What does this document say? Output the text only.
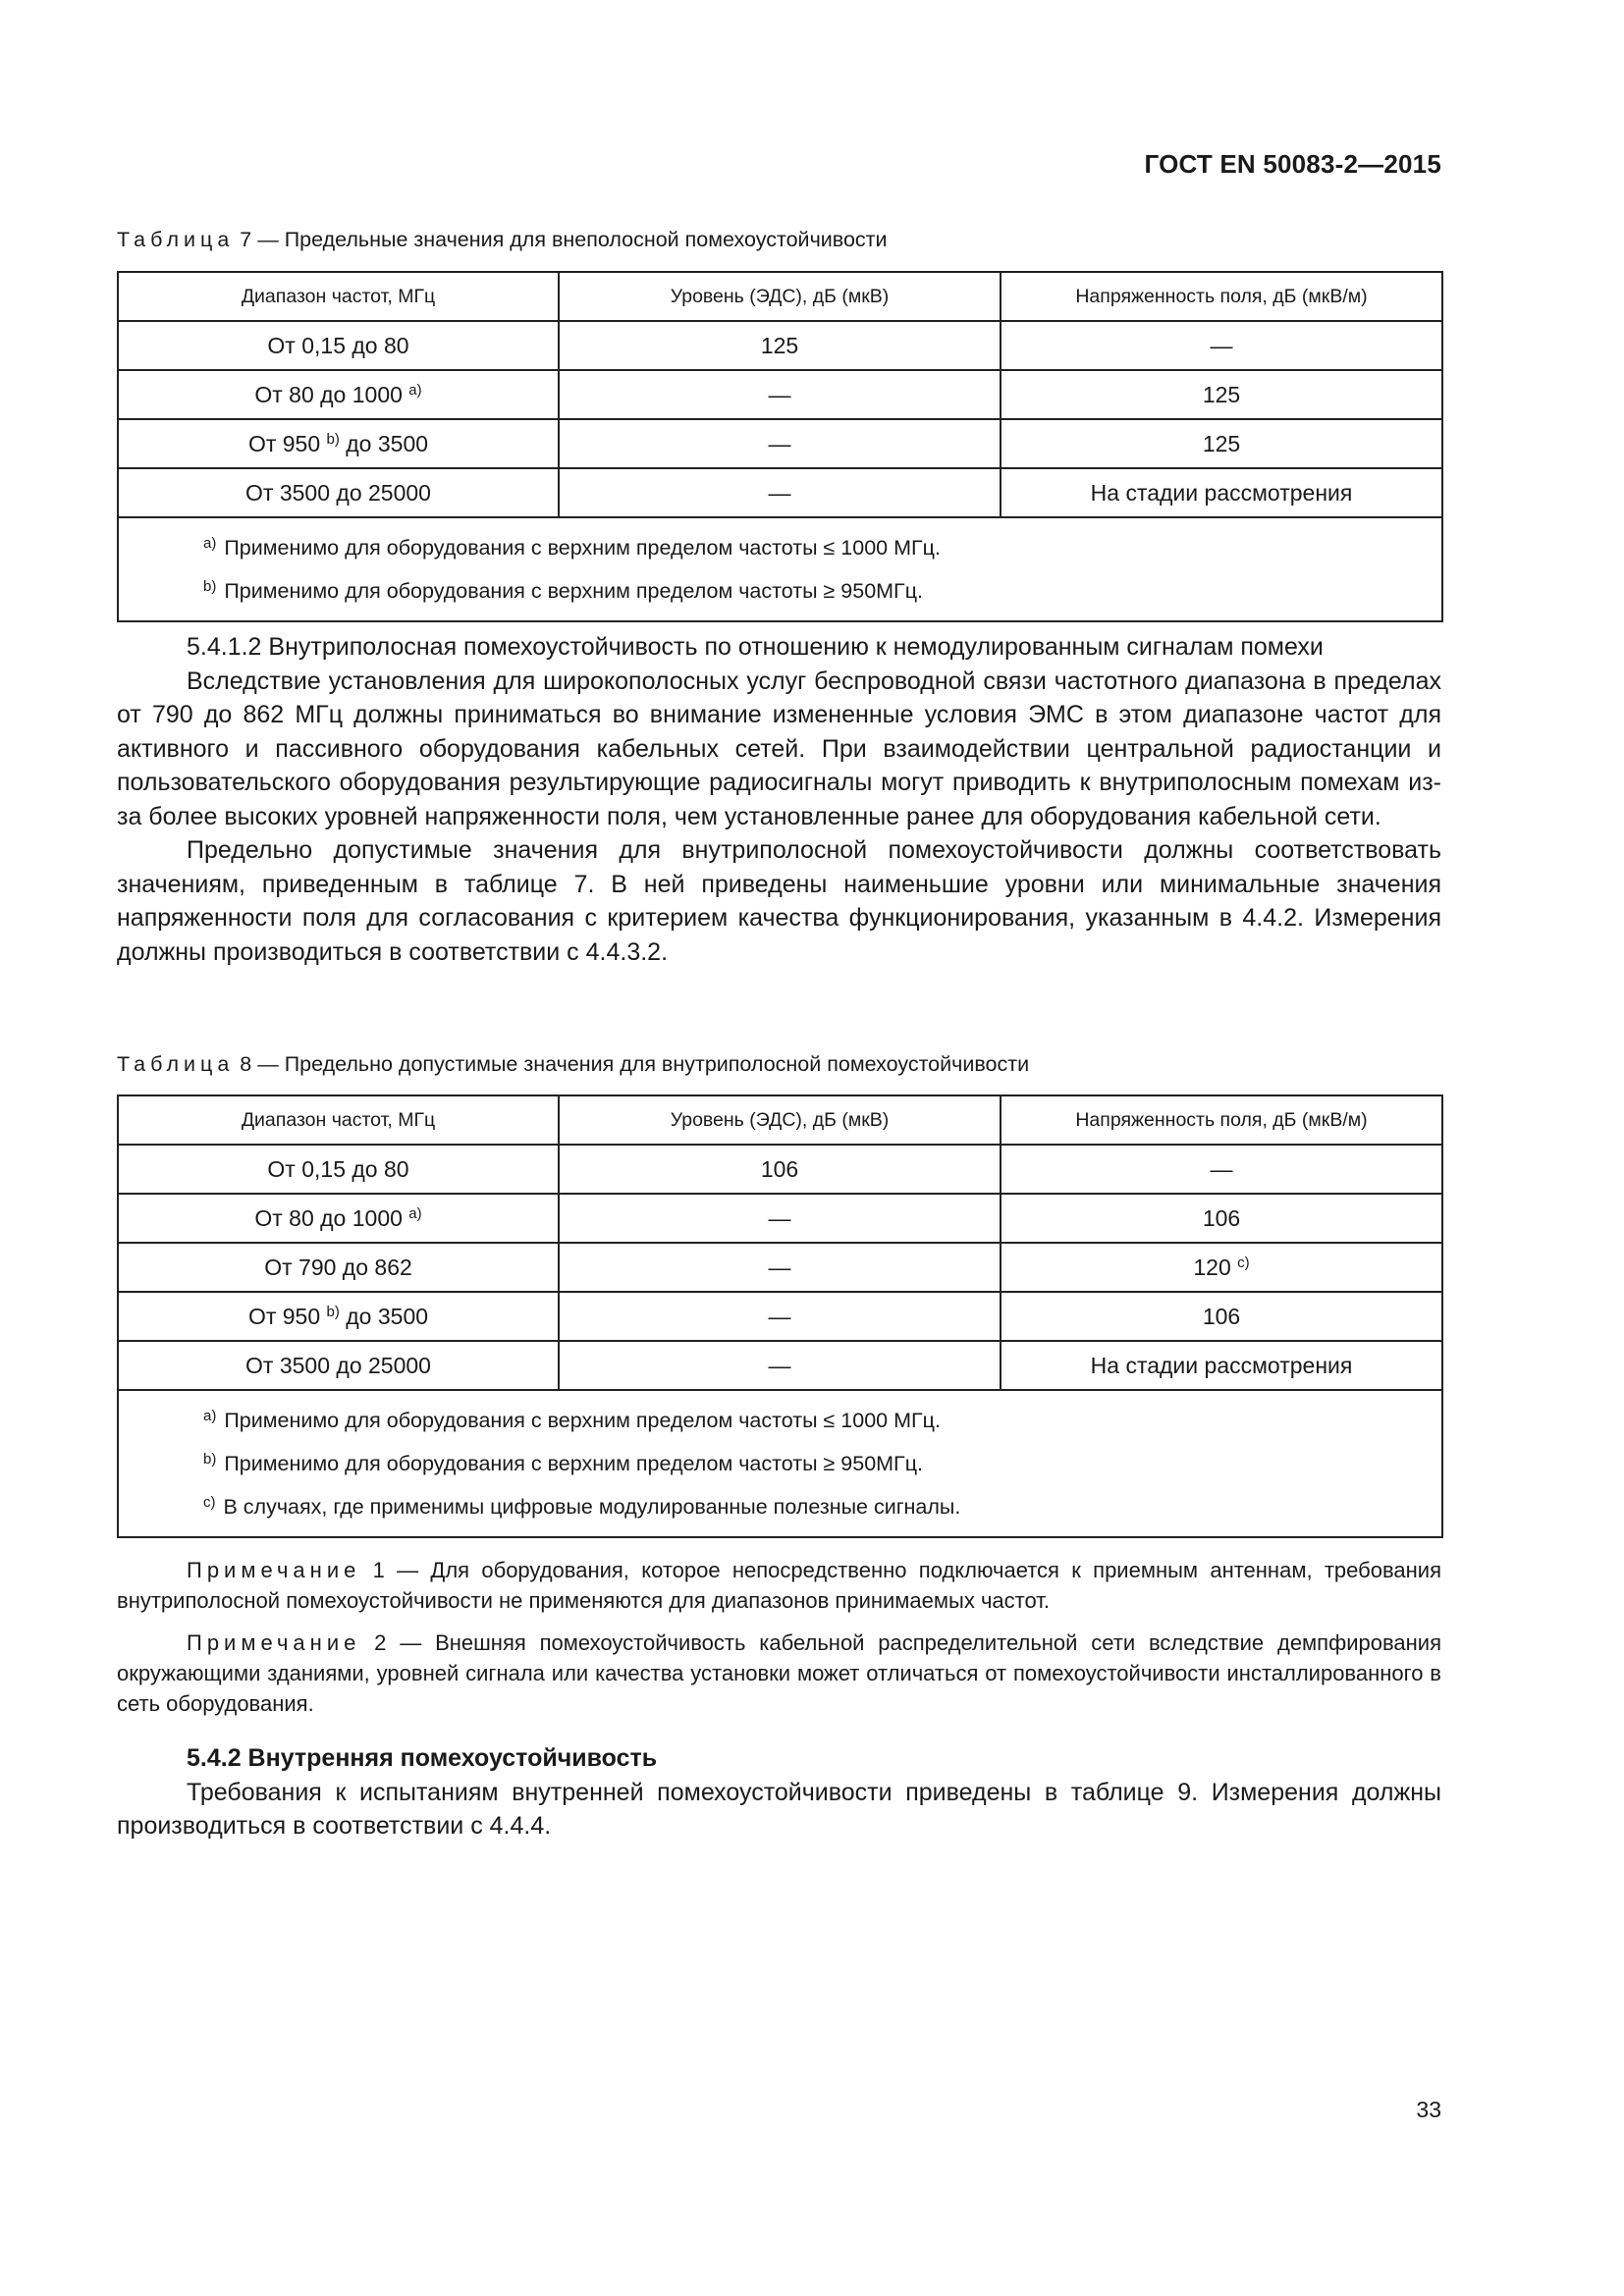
ГОСТ EN 50083-2—2015
Таблица 7 — Предельные значения для внеполосной помехоустойчивости
Диапазон частот, МГц	Уровень (ЭДС), дБ (мкВ)	Напряженность поля, дБ (мкВ/м)
От 0,15 до 80	125	—
От 80 до 1000 $^{a)}$	—	125
От 950 $^{b)}$ до 3500	—	125
От 3500 до 25000	—	На стадии рассмотрения

$^{a)}$ Применимо для оборудования с верхним пределом частоты ≤ 1000 МГц.
$^{b)}$ Применимо для оборудования с верхним пределом частоты ≥ 950МГц.		

5.4.1.2 Внутриполосная помехоустойчивость по отношению к немодулированным сигналам помехи

Вследствие установления для широкополосных услуг беспроводной связи частотного диапазона в пределах от 790 до 862 МГц должны приниматься во внимание измененные условия ЭМС в этом диапазоне частот для активного и пассивного оборудования кабельных сетей. При взаимодействии центральной радиостанции и пользовательского оборудования результирующие радиосигналы могут приводить к внутриполосным помехам из-за более высоких уровней напряженности поля, чем установленные ранее для оборудования кабельной сети.

Предельно допустимые значения для внутриполосной помехоустойчивости должны соответствовать значениям, приведенным в таблице 7. В ней приведены наименьшие уровни или минимальные значения напряженности поля для согласования с критерием качества функционирования, указанным в 4.4.2. Измерения должны производиться в соответствии с 4.4.3.2.

Таблица 8 — Предельно допустимые значения для внутриполосной помехоустойчивости
Диапазон частот, МГц	Уровень (ЭДС), дБ (мкВ)	Напряженность поля, дБ (мкВ/м)
От 0,15 до 80	106	—
От 80 до 1000 $^{a)}$	—	106
От 790 до 862	—	120 $^{c)}$
От 950 $^{b)}$ до 3500	—	106
От 3500 до 25000	—	На стадии рассмотрения

$^{a)}$ Применимо для оборудования с верхним пределом частоты ≤ 1000 МГц.
$^{b)}$ Применимо для оборудования с верхним пределом частоты ≥ 950МГц.
$^{c)}$ В случаях, где применимы цифровые модулированные полезные сигналы.		

Примечание 1 — Для оборудования, которое непосредственно подключается к приемным антеннам, требования внутриполосной помехоустойчивости не применяются для диапазонов принимаемых частот.

Примечание 2 — Внешняя помехоустойчивость кабельной распределительной сети вследствие демпфирования окружающими зданиями, уровней сигнала или качества установки может отличаться от помехоустойчивости инсталлированного в сеть оборудования.

5.4.2 Внутренняя помехоустойчивость

Требования к испытаниям внутренней помехоустойчивости приведены в таблице 9. Измерения должны производиться в соответствии с 4.4.4.

33
